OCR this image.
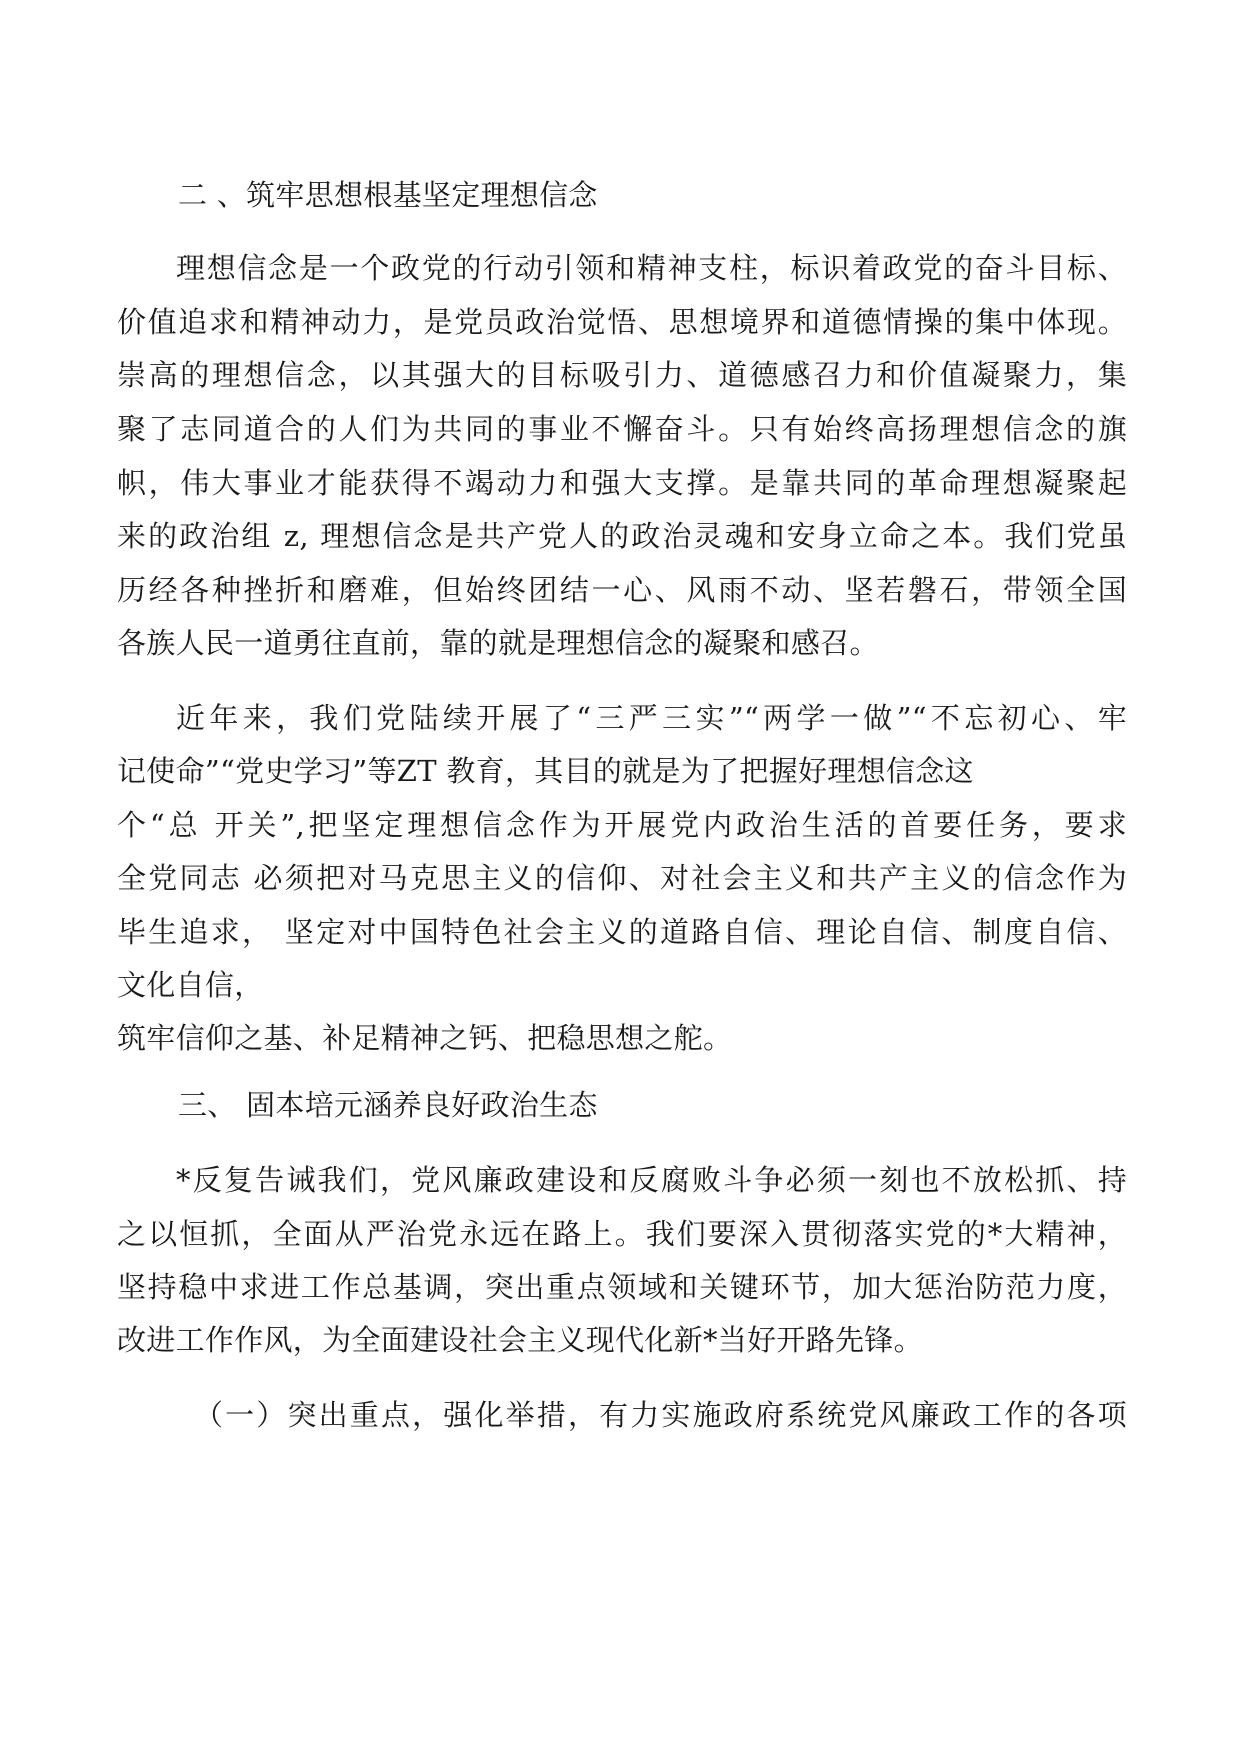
二 、筑牢思想根基坚定理想信念
理想信念是一个政党的行动引领和精神支柱，标识着政党的奋斗目标、
价值追求和精神动力，是党员政治觉悟、思想境界和道德情操的集中体现。
崇高的理想信念，以其强大的目标吸引力、道德感召力和价值凝聚力，集
聚了志同道合的人们为共同的事业不懈奋斗。只有始终高扬理想信念的旗
帜，伟大事业才能获得不竭动力和强大支撑。是靠共同的革命理想凝聚起
来的政治组 z, 理想信念是共产党人的政治灵魂和安身立命之本。我们党虽
历经各种挫折和磨难，但始终团结一心、风雨不动、坚若磐石，带领全国
各族人民一道勇往直前，靠的就是理想信念的凝聚和感召。
近年来，我们党陆续开展了“三严三实”“两学一做”“不忘初心、牢
记使命”“党史学习”等ZT 教育，其目的就是为了把握好理想信念这
个“总 开关”,把坚定理想信念作为开展党内政治生活的首要任务，要求
全党同志 必须把对马克思主义的信仰、对社会主义和共产主义的信念作为
毕生追求， 坚定对中国特色社会主义的道路自信、理论自信、制度自信、
文化自信，
筑牢信仰之基、补足精神之钙、把稳思想之舵。
三、 固本培元涵养良好政治生态
*反复告诫我们，党风廉政建设和反腐败斗争必须一刻也不放松抓、持
之以恒抓，全面从严治党永远在路上。我们要深入贯彻落实党的*大精神，
坚持稳中求进工作总基调，突出重点领域和关键环节，加大惩治防范力度，
改进工作作风，为全面建设社会主义现代化新*当好开路先锋。
（一）突出重点，强化举措，有力实施政府系统党风廉政工作的各项
